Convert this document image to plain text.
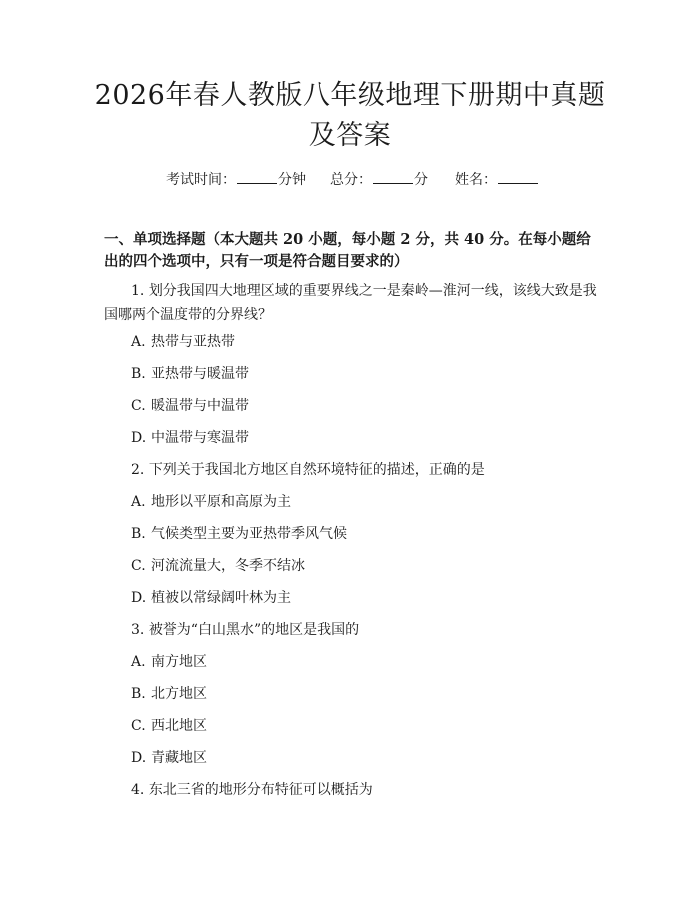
2026年春人教版八年级地理下册期中真题及答案
考试时间：	分钟 总分：	分 姓名：

一、单项选择题（本大题共 20 小题，每小题 2 分，共 40 分。在每小题给出的四个选项中，只有一项是符合题目要求的）

1. 划分我国四大地理区域的重要界线之一是秦岭—淮河一线，该线大致是我国哪两个温度带的分界线？
A. 热带与亚热带
B. 亚热带与暖温带
C. 暖温带与中温带
D. 中温带与寒温带
2. 下列关于我国北方地区自然环境特征的描述，正确的是
A. 地形以平原和高原为主
B. 气候类型主要为亚热带季风气候
C. 河流流量大，冬季不结冰
D. 植被以常绿阔叶林为主
3. 被誉为“白山黑水”的地区是我国的
A. 南方地区
B. 北方地区
C. 西北地区
D. 青藏地区
4. 东北三省的地形分布特征可以概括为
